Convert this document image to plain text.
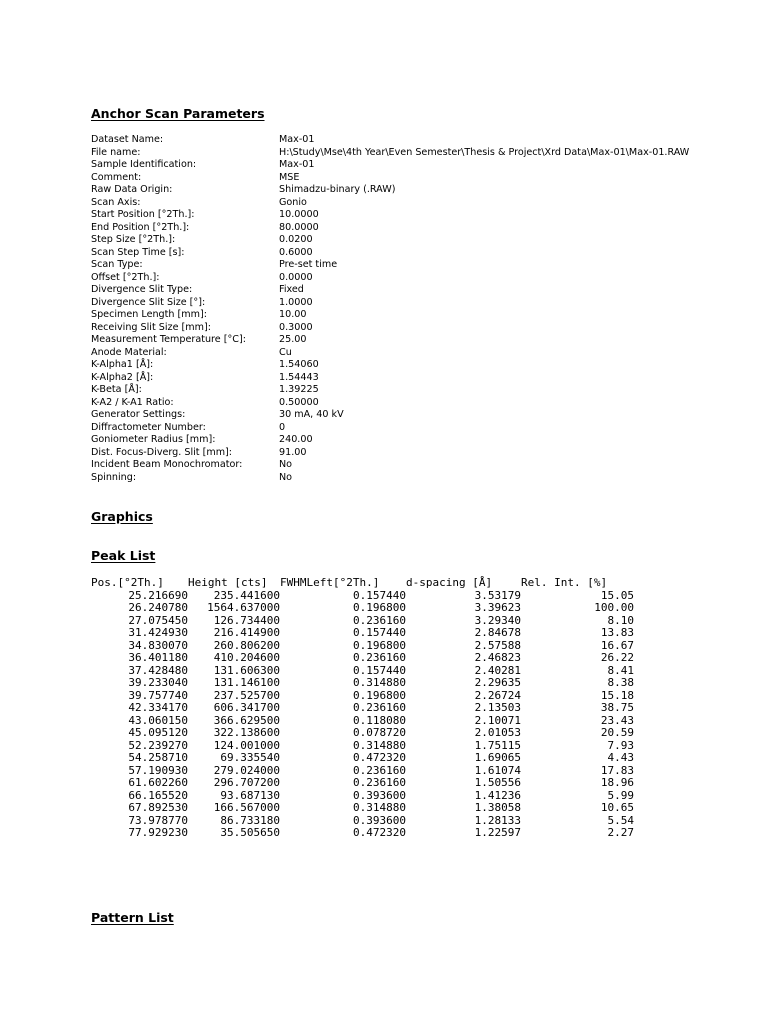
Anchor Scan Parameters
Dataset Name:	Max-01
File name:	H:\Study\Mse\4th Year\Even Semester\Thesis & Project\Xrd Data\Max-01\Max-01.RAW
Sample Identification:	Max-01
Comment:	MSE
Raw Data Origin:	Shimadzu-binary (.RAW)
Scan Axis:	Gonio
Start Position [°2Th.]:	10.0000
End Position [°2Th.]:	80.0000
Step Size [°2Th.]:	0.0200
Scan Step Time [s]:	0.6000
Scan Type:	Pre-set time
Offset [°2Th.]:	0.0000
Divergence Slit Type:	Fixed
Divergence Slit Size [°]:	1.0000
Specimen Length [mm]:	10.00
Receiving Slit Size [mm]:	0.3000
Measurement Temperature [°C]:	25.00
Anode Material:	Cu
K-Alpha1 [Å]:	1.54060
K-Alpha2 [Å]:	1.54443
K-Beta [Å]:	1.39225
K-A2 / K-A1 Ratio:	0.50000
Generator Settings:	30 mA, 40 kV
Diffractometer Number:	0
Goniometer Radius [mm]:	240.00
Dist. Focus-Diverg. Slit [mm]:	91.00
Incident Beam Monochromator:	No
Spinning:	No
Graphics
Peak List
Pos.[°2Th.]	Height [cts]	FWHMLeft[°2Th.]	d-spacing [Å]	Rel. Int. [%]
25.216690	235.441600	0.157440	3.53179	15.05
26.240780	1564.637000	0.196800	3.39623	100.00
27.075450	126.734400	0.236160	3.29340	8.10
31.424930	216.414900	0.157440	2.84678	13.83
34.830070	260.806200	0.196800	2.57588	16.67
36.401180	410.204600	0.236160	2.46823	26.22
37.428480	131.606300	0.157440	2.40281	8.41
39.233040	131.146100	0.314880	2.29635	8.38
39.757740	237.525700	0.196800	2.26724	15.18
42.334170	606.341700	0.236160	2.13503	38.75
43.060150	366.629500	0.118080	2.10071	23.43
45.095120	322.138600	0.078720	2.01053	20.59
52.239270	124.001000	0.314880	1.75115	7.93
54.258710	69.335540	0.472320	1.69065	4.43
57.190930	279.024000	0.236160	1.61074	17.83
61.602260	296.707200	0.236160	1.50556	18.96
66.165520	93.687130	0.393600	1.41236	5.99
67.892530	166.567000	0.314880	1.38058	10.65
73.978770	86.733180	0.393600	1.28133	5.54
77.929230	35.505650	0.472320	1.22597	2.27
Pattern List
